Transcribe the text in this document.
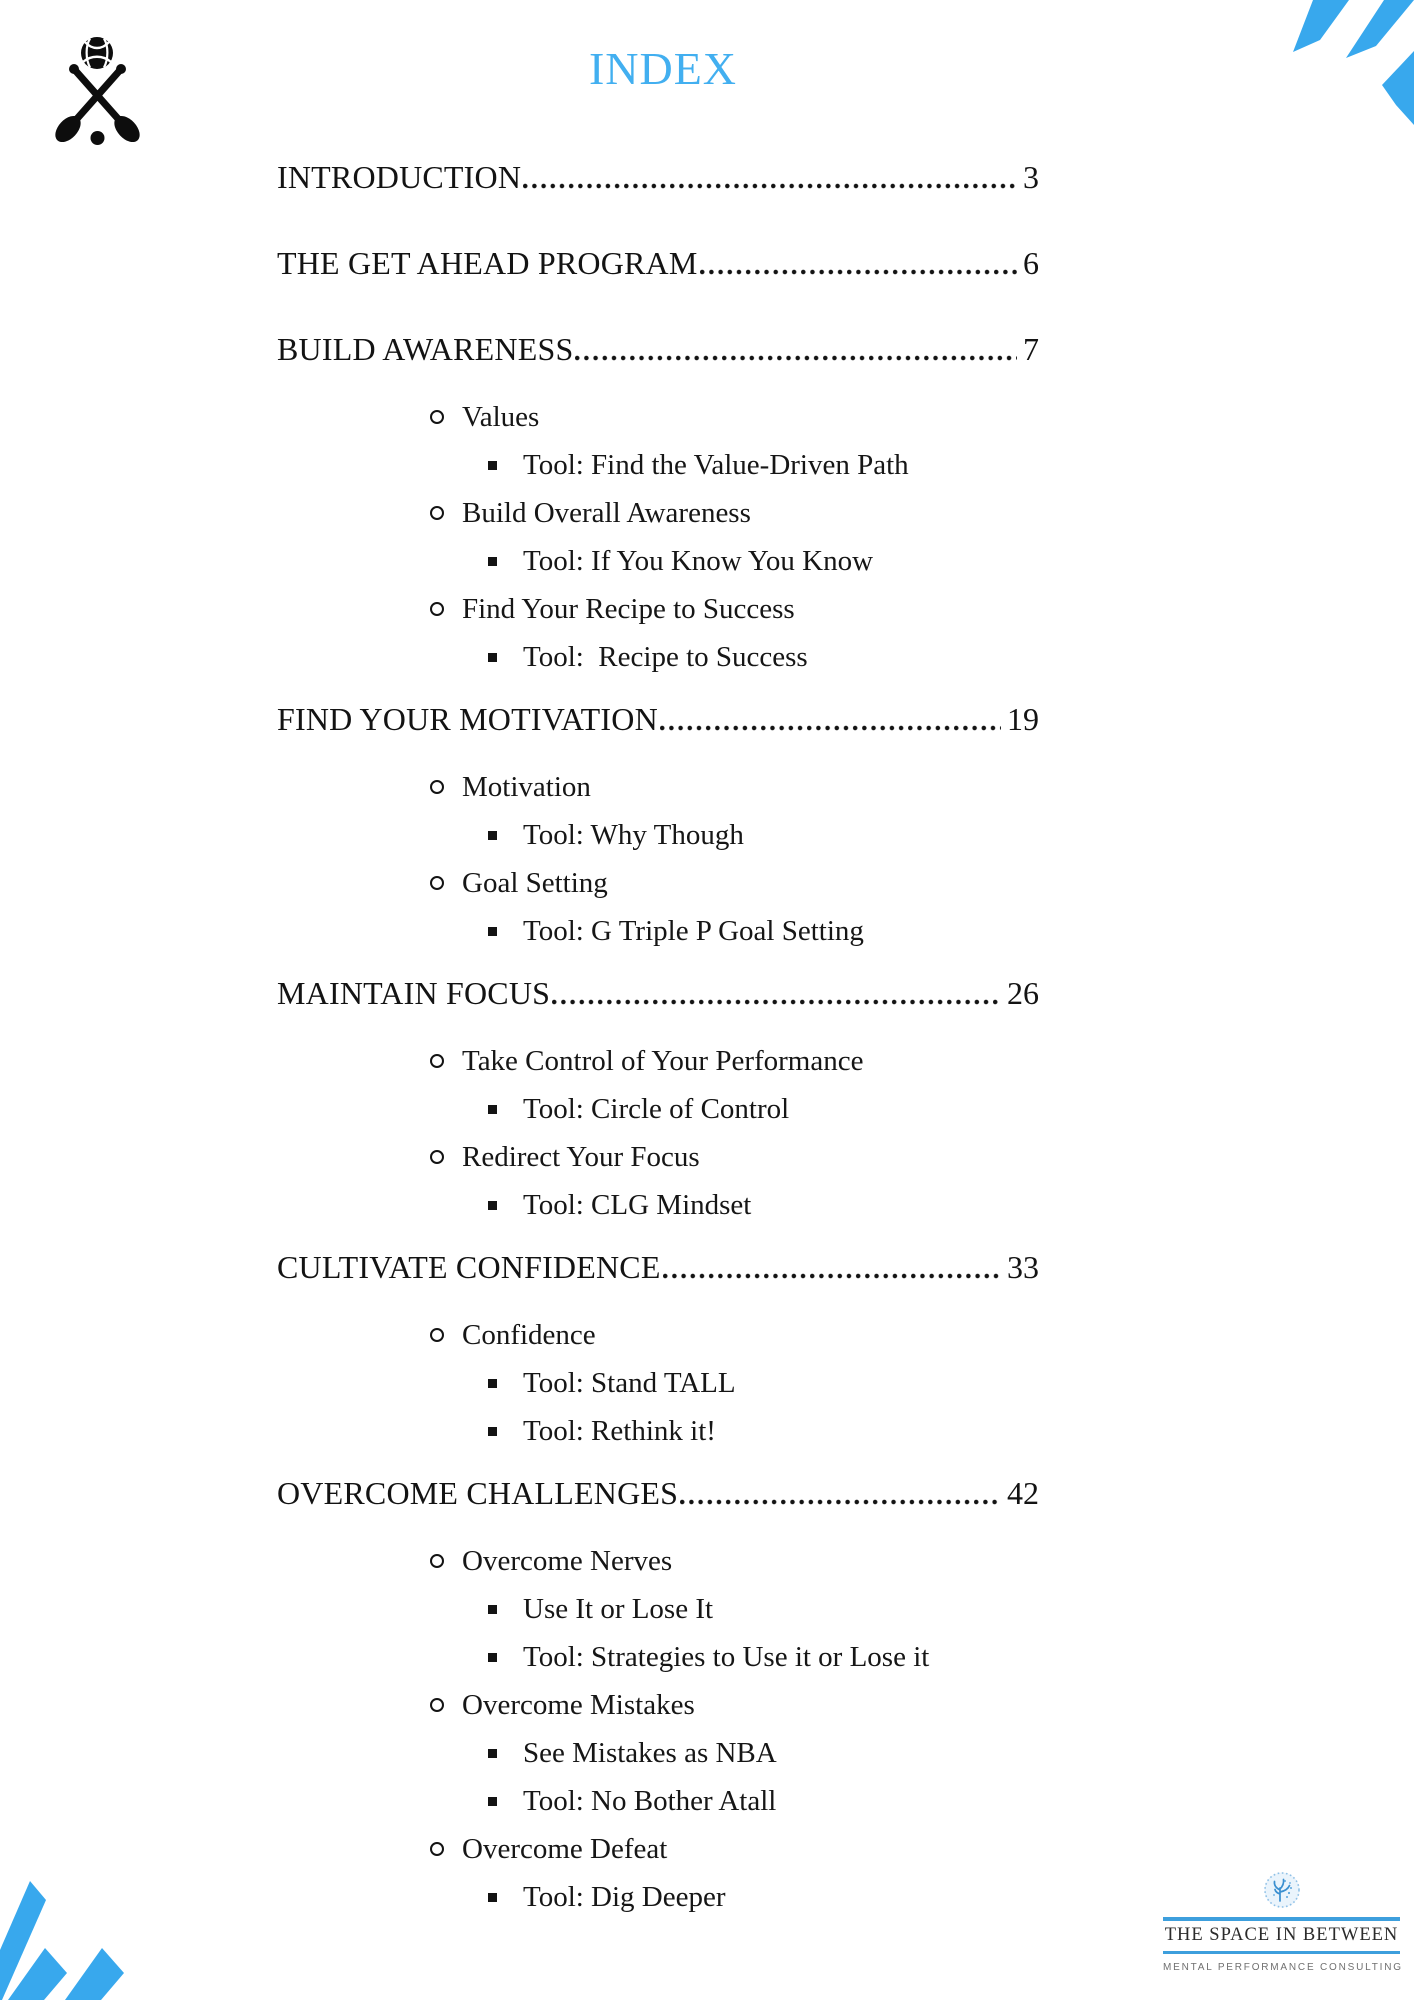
INDEX
INTRODUCTION	3
THE GET AHEAD PROGRAM	6
BUILD AWARENESS	7
Values
Tool: Find the Value-Driven Path
Build Overall Awareness
Tool: If You Know You Know
Find Your Recipe to Success
Tool:  Recipe to Success
FIND YOUR MOTIVATION	19
Motivation
Tool: Why Though
Goal Setting
Tool: G Triple P Goal Setting
MAINTAIN FOCUS	26
Take Control of Your Performance
Tool: Circle of Control
Redirect Your Focus
Tool: CLG Mindset
CULTIVATE CONFIDENCE	33
Confidence
Tool: Stand TALL
Tool: Rethink it!
OVERCOME CHALLENGES	42
Overcome Nerves
Use It or Lose It
Tool: Strategies to Use it or Lose it
Overcome Mistakes
See Mistakes as NBA
Tool: No Bother Atall
Overcome Defeat
Tool: Dig Deeper
THE SPACE IN BETWEEN
MENTAL PERFORMANCE CONSULTING
